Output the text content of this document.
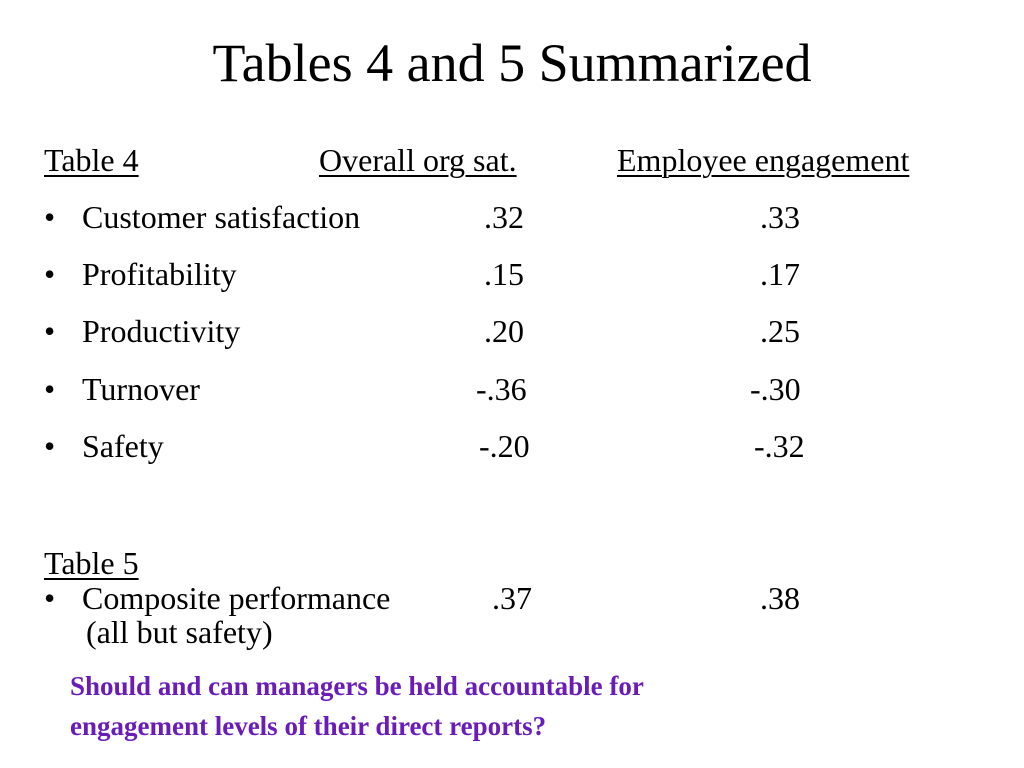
Tables 4 and 5 Summarized
Table 4	Overall org sat.	Employee engagement
• Customer satisfaction	.32	.33
• Profitability	.15	.17
• Productivity	.20	.25
• Turnover	-.36	-.30
• Safety	-.20	-.32
Table 5
• Composite performance	.37	.38
(all but safety)
Should and can managers be held accountable for
engagement levels of their direct reports?
